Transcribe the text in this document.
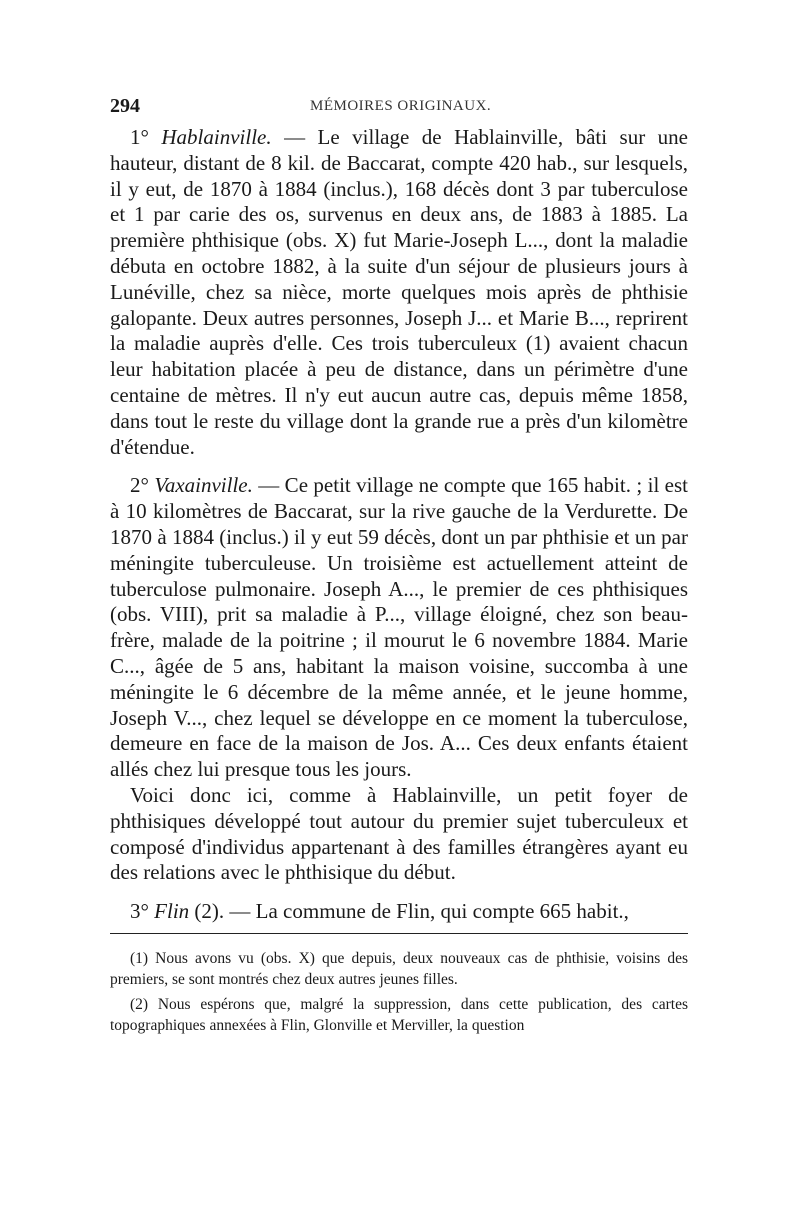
294	MÉMOIRES ORIGINAUX.

1° Hablainville. — Le village de Hablainville, bâti sur une hauteur, distant de 8 kil. de Baccarat, compte 420 hab., sur lesquels, il y eut, de 1870 à 1884 (inclus.), 168 décès dont 3 par tuberculose et 1 par carie des os, survenus en deux ans, de 1883 à 1885. La première phthisique (obs. X) fut Marie-Joseph L..., dont la maladie débuta en octobre 1882, à la suite d'un séjour de plusieurs jours à Lunéville, chez sa nièce, morte quelques mois après de phthisie galopante. Deux autres personnes, Joseph J... et Marie B..., reprirent la maladie auprès d'elle. Ces trois tuberculeux (1) avaient chacun leur habitation placée à peu de distance, dans un périmètre d'une centaine de mètres. Il n'y eut aucun autre cas, depuis même 1858, dans tout le reste du village dont la grande rue a près d'un kilomètre d'étendue.

2° Vaxainville. — Ce petit village ne compte que 165 habit. ; il est à 10 kilomètres de Baccarat, sur la rive gauche de la Verdurette. De 1870 à 1884 (inclus.) il y eut 59 décès, dont un par phthisie et un par méningite tuberculeuse. Un troisième est actuellement atteint de tuberculose pulmonaire. Joseph A..., le premier de ces phthisiques (obs. VIII), prit sa maladie à P..., village éloigné, chez son beau-frère, malade de la poitrine ; il mourut le 6 novembre 1884. Marie C..., âgée de 5 ans, habitant la maison voisine, succomba à une méningite le 6 décembre de la même année, et le jeune homme, Joseph V..., chez lequel se développe en ce moment la tuberculose, demeure en face de la maison de Jos. A... Ces deux enfants étaient allés chez lui presque tous les jours.

Voici donc ici, comme à Hablainville, un petit foyer de phthisiques développé tout autour du premier sujet tuberculeux et composé d'individus appartenant à des familles étrangères ayant eu des relations avec le phthisique du début.

3° Flin (2). — La commune de Flin, qui compte 665 habit.,

(1) Nous avons vu (obs. X) que depuis, deux nouveaux cas de phthisie, voisins des premiers, se sont montrés chez deux autres jeunes filles.

(2) Nous espérons que, malgré la suppression, dans cette publication, des cartes topographiques annexées à Flin, Glonville et Merviller, la question
